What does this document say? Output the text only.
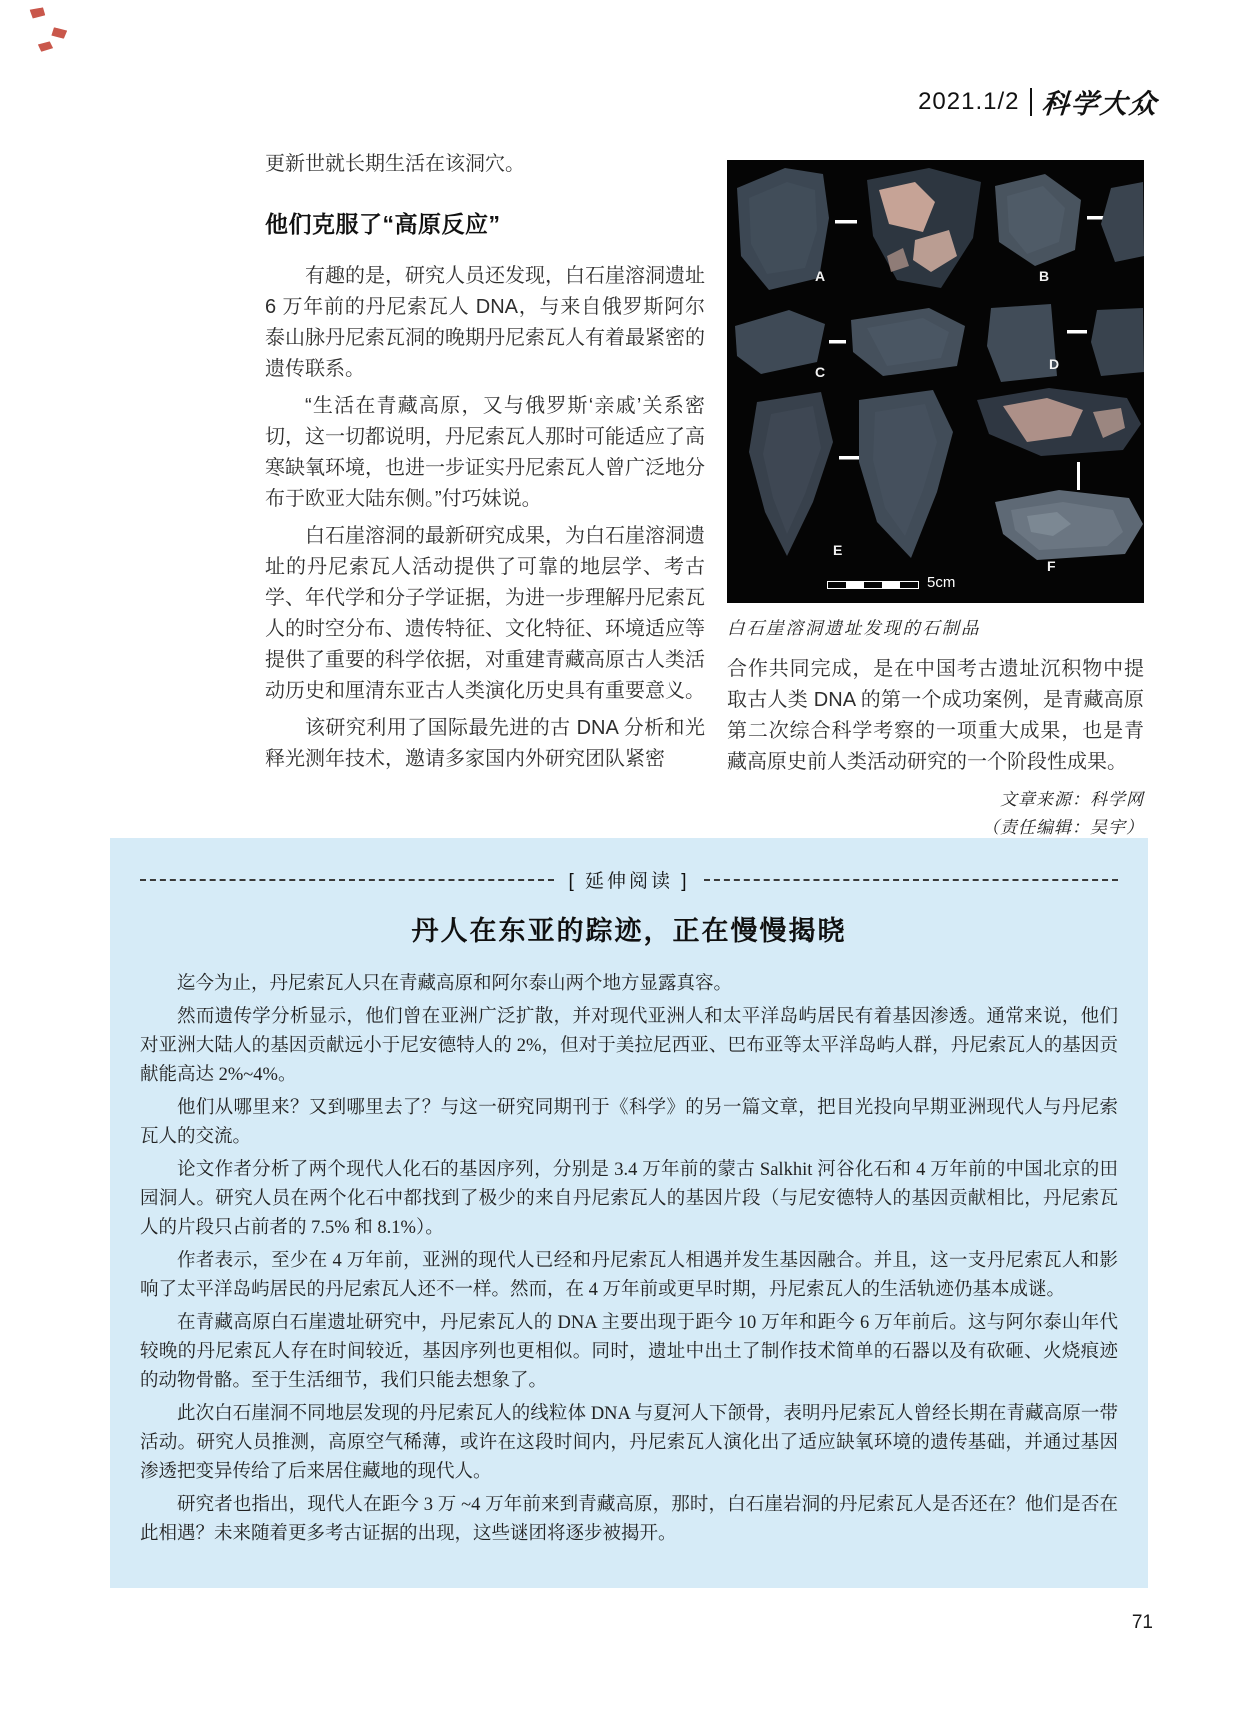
2021.1/2 科学大众

更新世就长期生活在该洞穴。

他们克服了“高原反应”

有趣的是，研究人员还发现，白石崖溶洞遗址 6 万年前的丹尼索瓦人 DNA，与来自俄罗斯阿尔泰山脉丹尼索瓦洞的晚期丹尼索瓦人有着最紧密的遗传联系。

“生活在青藏高原，又与俄罗斯‘亲戚’关系密切，这一切都说明，丹尼索瓦人那时可能适应了高寒缺氧环境，也进一步证实丹尼索瓦人曾广泛地分布于欧亚大陆东侧。”付巧妹说。

白石崖溶洞的最新研究成果，为白石崖溶洞遗址的丹尼索瓦人活动提供了可靠的地层学、考古学、年代学和分子学证据，为进一步理解丹尼索瓦人的时空分布、遗传特征、文化特征、环境适应等提供了重要的科学依据，对重建青藏高原古人类活动历史和厘清东亚古人类演化历史具有重要意义。

该研究利用了国际最先进的古 DNA 分析和光释光测年技术，邀请多家国内外研究团队紧密

A	B
C	D
E
F
5cm
白石崖溶洞遗址发现的石制品

合作共同完成，是在中国考古遗址沉积物中提取古人类 DNA 的第一个成功案例，是青藏高原第二次综合科学考察的一项重大成果，也是青藏高原史前人类活动研究的一个阶段性成果。

文章来源：科学网

（责任编辑：吴宇）

[ 延伸阅读 ]
丹人在东亚的踪迹，正在慢慢揭晓

迄今为止，丹尼索瓦人只在青藏高原和阿尔泰山两个地方显露真容。

然而遗传学分析显示，他们曾在亚洲广泛扩散，并对现代亚洲人和太平洋岛屿居民有着基因渗透。通常来说，他们对亚洲大陆人的基因贡献远小于尼安德特人的 2%，但对于美拉尼西亚、巴布亚等太平洋岛屿人群，丹尼索瓦人的基因贡献能高达 2%~4%。

他们从哪里来？又到哪里去了？与这一研究同期刊于《科学》的另一篇文章，把目光投向早期亚洲现代人与丹尼索瓦人的交流。

论文作者分析了两个现代人化石的基因序列，分别是 3.4 万年前的蒙古 Salkhit 河谷化石和 4 万年前的中国北京的田园洞人。研究人员在两个化石中都找到了极少的来自丹尼索瓦人的基因片段（与尼安德特人的基因贡献相比，丹尼索瓦人的片段只占前者的 7.5% 和 8.1%）。

作者表示，至少在 4 万年前，亚洲的现代人已经和丹尼索瓦人相遇并发生基因融合。并且，这一支丹尼索瓦人和影响了太平洋岛屿居民的丹尼索瓦人还不一样。然而，在 4 万年前或更早时期，丹尼索瓦人的生活轨迹仍基本成谜。

在青藏高原白石崖遗址研究中，丹尼索瓦人的 DNA 主要出现于距今 10 万年和距今 6 万年前后。这与阿尔泰山年代较晚的丹尼索瓦人存在时间较近，基因序列也更相似。同时，遗址中出土了制作技术简单的石器以及有砍砸、火烧痕迹的动物骨骼。至于生活细节，我们只能去想象了。

此次白石崖洞不同地层发现的丹尼索瓦人的线粒体 DNA 与夏河人下颌骨，表明丹尼索瓦人曾经长期在青藏高原一带活动。研究人员推测，高原空气稀薄，或许在这段时间内，丹尼索瓦人演化出了适应缺氧环境的遗传基础，并通过基因渗透把变异传给了后来居住藏地的现代人。

研究者也指出，现代人在距今 3 万 ~4 万年前来到青藏高原，那时，白石崖岩洞的丹尼索瓦人是否还在？他们是否在此相遇？未来随着更多考古证据的出现，这些谜团将逐步被揭开。

71
